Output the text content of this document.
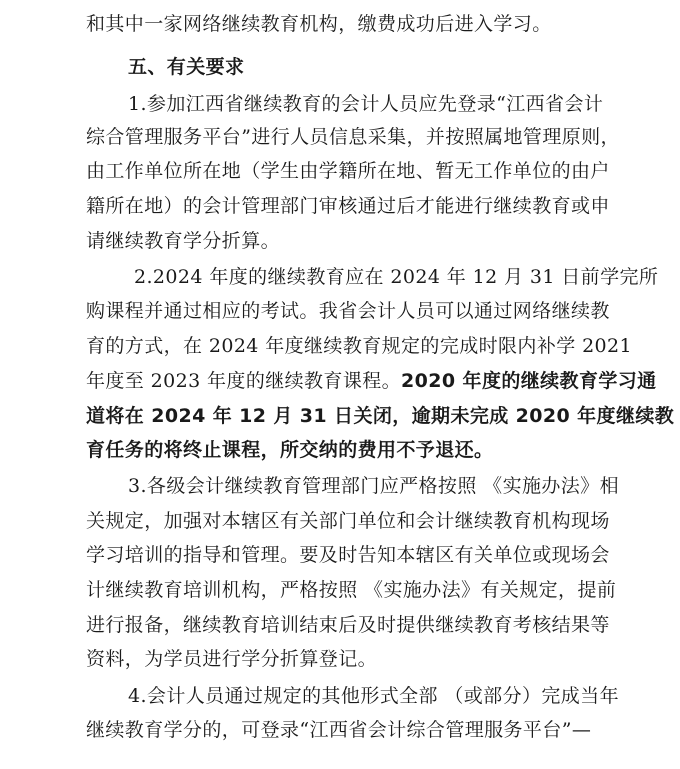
和其中一家网络继续教育机构，缴费成功后进入学习。
五、有关要求
1.参加江西省继续教育的会计人员应先登录“江西省会计
综合管理服务平台”进行人员信息采集，并按照属地管理原则，
由工作单位所在地（学生由学籍所在地、暂无工作单位的由户
籍所在地）的会计管理部门审核通过后才能进行继续教育或申
请继续教育学分折算。
2.2024 年度的继续教育应在 2024 年 12 月 31 日前学完所
购课程并通过相应的考试。我省会计人员可以通过网络继续教
育的方式，在 2024 年度继续教育规定的完成时限内补学 2021
年度至 2023 年度的继续教育课程。2020 年度的继续教育学习通
道将在 2024 年 12 月 31 日关闭，逾期未完成 2020 年度继续教
育任务的将终止课程，所交纳的费用不予退还。
3.各级会计继续教育管理部门应严格按照 《实施办法》相
关规定，加强对本辖区有关部门单位和会计继续教育机构现场
学习培训的指导和管理。要及时告知本辖区有关单位或现场会
计继续教育培训机构，严格按照 《实施办法》有关规定，提前
进行报备，继续教育培训结束后及时提供继续教育考核结果等
资料，为学员进行学分折算登记。
4.会计人员通过规定的其他形式全部 （或部分）完成当年
继续教育学分的，可登录“江西省会计综合管理服务平台”—
